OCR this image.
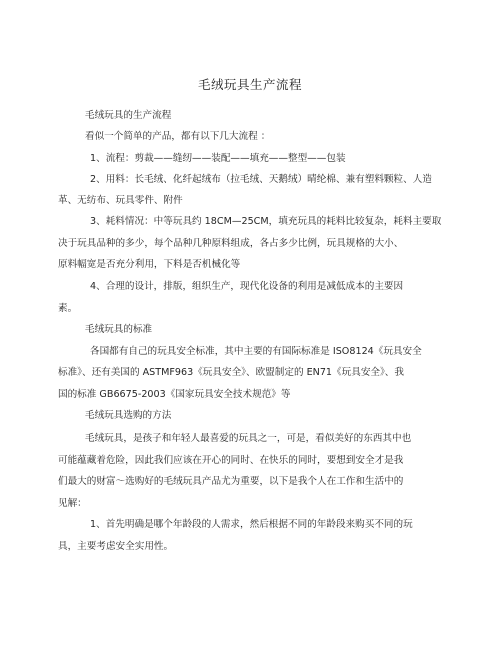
毛绒玩具生产流程
毛绒玩具的生产流程
看似一个简单的产品，都有以下几大流程 ：
1、流程：剪裁——缝纫——装配——填充——整型——包装
2、用料：长毛绒、化纤起绒布（拉毛绒、天鹅绒）晴纶棉、兼有塑料颗粒、人造
革、无纺布、玩具零件、附件
3、耗料情况：中等玩具约 18CM—25CM，填充玩具的耗料比较复杂，耗料主要取
决于玩具品种的多少，每个品种几种原料组成，各占多少比例，玩具规格的大小、
原料幅宽是否充分利用，下料是否机械化等
4、合理的设计，排版，组织生产，现代化设备的利用是减低成本的主要因
素。
毛绒玩具的标准
各国都有自己的玩具安全标准，其中主要的有国际标准是 ISO8124《玩具安全
标准》、还有美国的 ASTMF963《玩具安全》、欧盟制定的 EN71《玩具安全》、我
国的标准 GB6675-2003《国家玩具安全技术规范》等
毛绒玩具选购的方法
毛绒玩具，是孩子和年轻人最喜爱的玩具之一，可是，看似美好的东西其中也
可能蕴藏着危险，因此我们应该在开心的同时、在快乐的同时，要想到安全才是我
们最大的财富～选购好的毛绒玩具产品尤为重要，以下是我个人在工作和生活中的
见解：
1、首先明确是哪个年龄段的人需求，然后根据不同的年龄段来购买不同的玩
具，主要考虑安全实用性。
